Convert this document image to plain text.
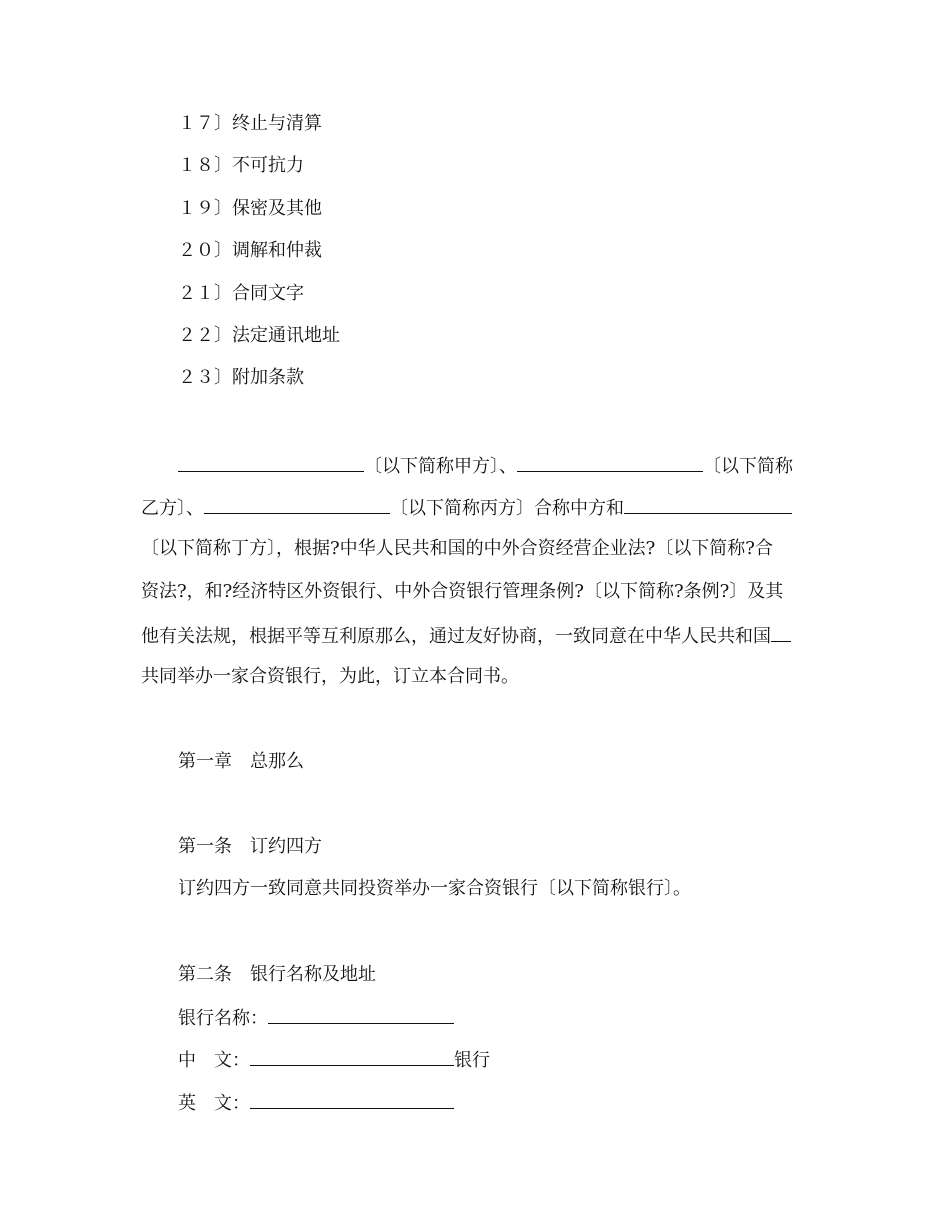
１７〕终止与清算
１８〕不可抗力
１９〕保密及其他
２０〕调解和仲裁
２１〕合同文字
２２〕法定通讯地址
２３〕附加条款
〔以下简称甲方〕、	〔以下简称
乙方〕、	〔以下简称丙方〕合称中方和
〔以下简称丁方〕，根据?中华人民共和国的中外合资经营企业法?〔以下简称?合
资法?，和?经济特区外资银行、中外合资银行管理条例?〔以下简称?条例?〕及其
他有关法规，根据平等互利原那么，通过友好协商，一致同意在中华人民共和国
共同举办一家合资银行，为此，订立本合同书。
第一章　总那么
第一条　订约四方
订约四方一致同意共同投资举办一家合资银行〔以下简称银行〕。
第二条　银行名称及地址
银行名称：
中　文：	银行
英　文：
